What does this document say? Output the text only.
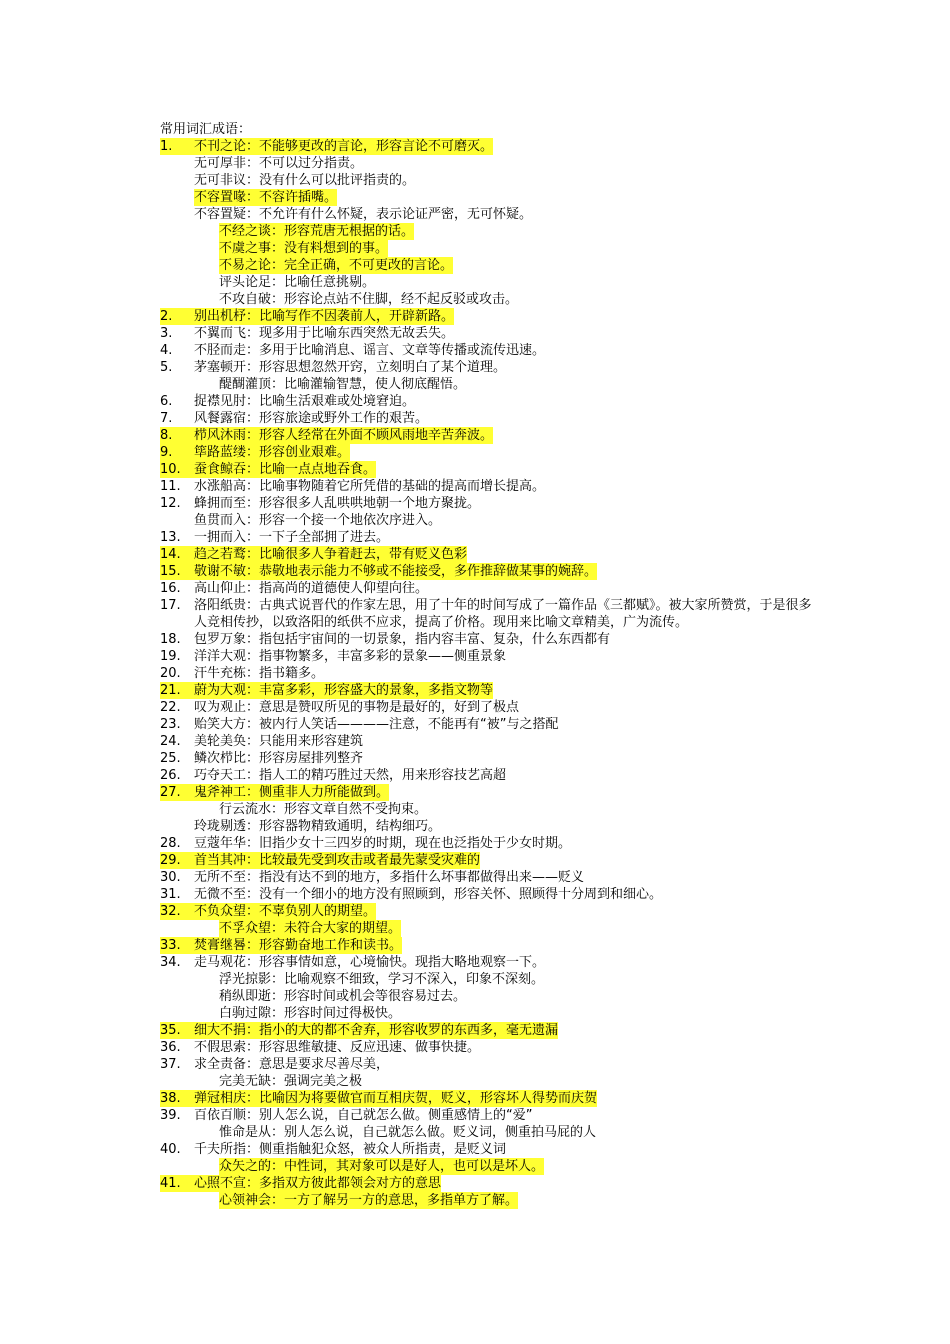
常用词汇成语：
1.	不刊之论：不能够更改的言论，形容言论不可磨灭。
无可厚非：不可以过分指责。
无可非议：没有什么可以批评指责的。
不容置喙：不容许插嘴。
不容置疑：不允许有什么怀疑，表示论证严密，无可怀疑。
不经之谈：形容荒唐无根据的话。
不虞之事：没有料想到的事。
不易之论：完全正确，不可更改的言论。
评头论足：比喻任意挑剔。
不攻自破：形容论点站不住脚，经不起反驳或攻击。
2.	别出机杼：比喻写作不因袭前人，开辟新路。
3.	不翼而飞：现多用于比喻东西突然无故丢失。
4.	不胫而走：多用于比喻消息、谣言、文章等传播或流传迅速。
5.	茅塞顿开：形容思想忽然开窍，立刻明白了某个道理。
醍醐灌顶：比喻灌输智慧，使人彻底醒悟。
6.	捉襟见肘：比喻生活艰难或处境窘迫。
7.	风餐露宿：形容旅途或野外工作的艰苦。
8.	栉风沐雨：形容人经常在外面不顾风雨地辛苦奔波。
9.	筚路蓝缕：形容创业艰难。
10.	蚕食鲸吞：比喻一点点地吞食。
11.	水涨船高：比喻事物随着它所凭借的基础的提高而增长提高。
12.	蜂拥而至：形容很多人乱哄哄地朝一个地方聚拢。
鱼贯而入：形容一个接一个地依次序进入。
13.	一拥而入：一下子全部拥了进去。
14.	趋之若鹜：比喻很多人争着赶去，带有贬义色彩
15.	敬谢不敏：恭敬地表示能力不够或不能接受，多作推辞做某事的婉辞。
16.	高山仰止：指高尚的道德使人仰望向往。
17.	洛阳纸贵：古典式说晋代的作家左思，用了十年的时间写成了一篇作品《三都赋》。被大家所赞赏，于是很多人竞相传抄，以致洛阳的纸供不应求，提高了价格。现用来比喻文章精美，广为流传。
18.	包罗万象：指包括宇宙间的一切景象，指内容丰富、复杂，什么东西都有
19.	洋洋大观：指事物繁多，丰富多彩的景象——侧重景象
20.	汗牛充栋：指书籍多。
21.	蔚为大观：丰富多彩，形容盛大的景象，多指文物等
22.	叹为观止：意思是赞叹所见的事物是最好的，好到了极点
23.	贻笑大方：被内行人笑话————注意，不能再有“被”与之搭配
24.	美轮美奂：只能用来形容建筑
25.	鳞次栉比：形容房屋排列整齐
26.	巧夺天工：指人工的精巧胜过天然，用来形容技艺高超
27.	鬼斧神工：侧重非人力所能做到。
行云流水：形容文章自然不受拘束。
玲珑剔透：形容器物精致通明，结构细巧。
28.	豆蔻年华：旧指少女十三四岁的时期，现在也泛指处于少女时期。
29.	首当其冲：比较最先受到攻击或者最先蒙受灾难的
30.	无所不至：指没有达不到的地方，多指什么坏事都做得出来——贬义
31.	无微不至：没有一个细小的地方没有照顾到，形容关怀、照顾得十分周到和细心。
32.	不负众望：不辜负别人的期望。
不孚众望：未符合大家的期望。
33.	焚膏继晷：形容勤奋地工作和读书。
34.	走马观花：形容事情如意，心境愉快。现指大略地观察一下。
浮光掠影：比喻观察不细致，学习不深入，印象不深刻。
稍纵即逝：形容时间或机会等很容易过去。
白驹过隙：形容时间过得极快。
35.	细大不捐：指小的大的都不舍弃，形容收罗的东西多，毫无遗漏
36.	不假思索：形容思维敏捷、反应迅速、做事快捷。
37.	求全责备：意思是要求尽善尽美，
完美无缺：强调完美之极
38.	弹冠相庆：比喻因为将要做官而互相庆贺，贬义，形容坏人得势而庆贺
39.	百依百顺：别人怎么说，自己就怎么做。侧重感情上的“爱”
惟命是从：别人怎么说，自己就怎么做。贬义词，侧重拍马屁的人
40.	千夫所指：侧重指触犯众怒，被众人所指责，是贬义词
众矢之的：中性词，其对象可以是好人，也可以是坏人。
41.	心照不宣：多指双方彼此都领会对方的意思
心领神会：一方了解另一方的意思，多指单方了解。
